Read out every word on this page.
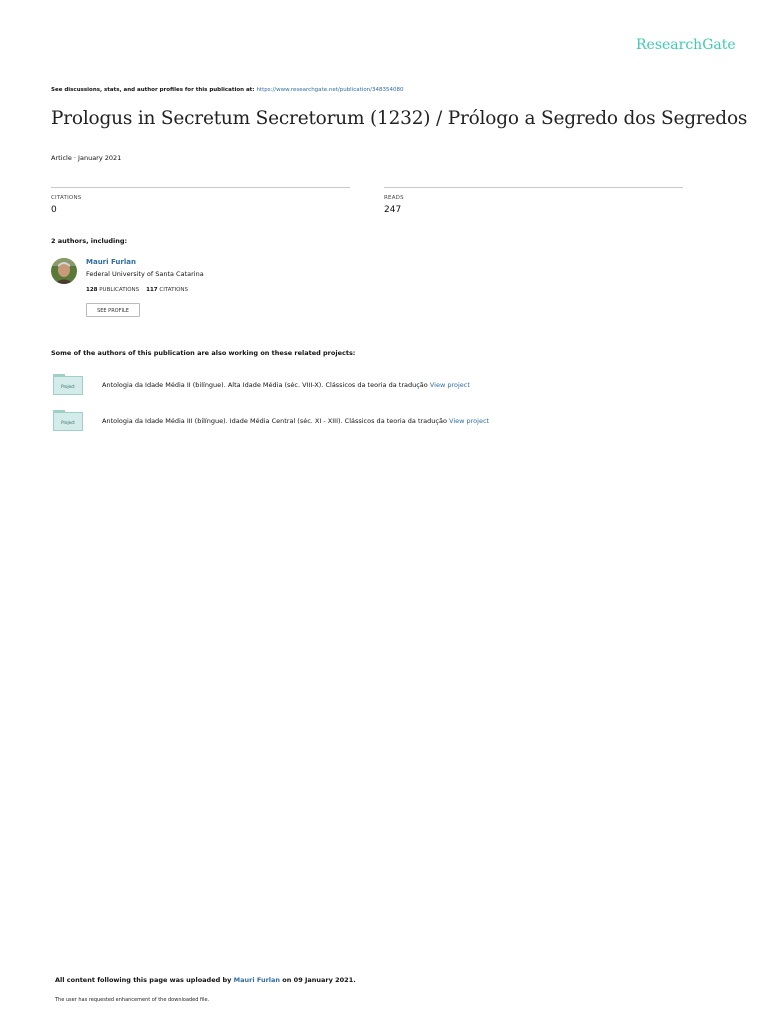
ResearchGate
See discussions, stats, and author profiles for this publication at: https://www.researchgate.net/publication/348354080
Prologus in Secretum Secretorum (1232) / Prólogo a Segredo dos Segredos
Article · January 2021
CITATIONS
0
READS
247
2 authors, including:
Mauri Furlan
Federal University of Santa Catarina
128 PUBLICATIONS 117 CITATIONS
SEE PROFILE
Some of the authors of this publication are also working on these related projects:
Project	Antologia da Idade Média II (bilíngue). Alta Idade Média (séc. VIII-X). Clássicos da teoria da tradução View project
Project	Antologia da Idade Média III (bilíngue). Idade Média Central (séc. XI - XIII). Clássicos da teoria da tradução View project
All content following this page was uploaded by Mauri Furlan on 09 January 2021.
The user has requested enhancement of the downloaded file.
